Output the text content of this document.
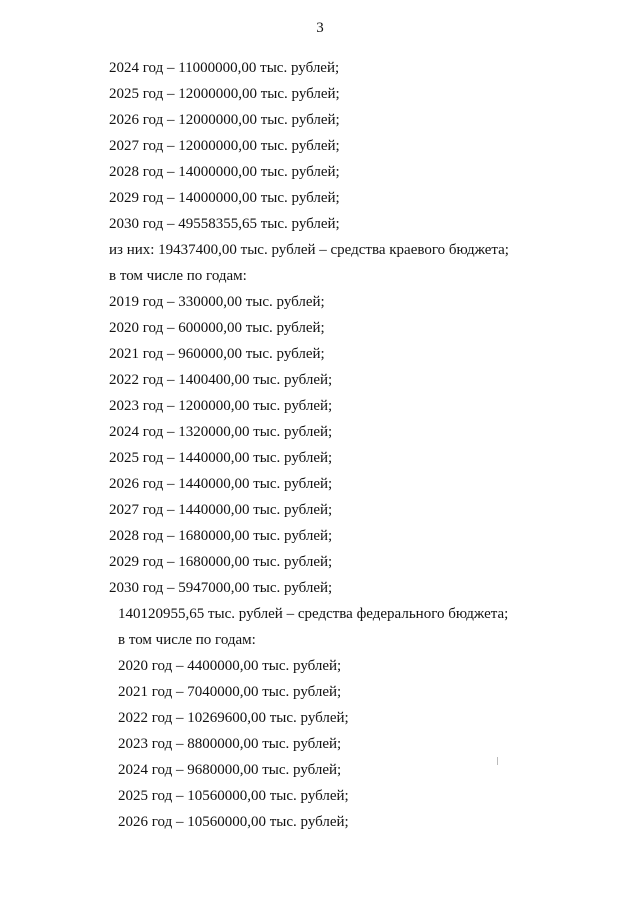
3
2024 год – 11000000,00 тыс. рублей;
2025 год – 12000000,00 тыс. рублей;
2026 год – 12000000,00 тыс. рублей;
2027 год – 12000000,00 тыс. рублей;
2028 год – 14000000,00 тыс. рублей;
2029 год – 14000000,00 тыс. рублей;
2030 год – 49558355,65 тыс. рублей;
из них: 19437400,00 тыс. рублей – средства краевого бюджета;
в том числе по годам:
2019 год – 330000,00 тыс. рублей;
2020 год – 600000,00 тыс. рублей;
2021 год – 960000,00 тыс. рублей;
2022 год – 1400400,00 тыс. рублей;
2023 год – 1200000,00 тыс. рублей;
2024 год – 1320000,00 тыс. рублей;
2025 год – 1440000,00 тыс. рублей;
2026 год – 1440000,00 тыс. рублей;
2027 год – 1440000,00 тыс. рублей;
2028 год – 1680000,00 тыс. рублей;
2029 год – 1680000,00 тыс. рублей;
2030 год – 5947000,00 тыс. рублей;
140120955,65 тыс. рублей – средства федерального бюджета;
в том числе по годам:
2020 год – 4400000,00 тыс. рублей;
2021 год – 7040000,00 тыс. рублей;
2022 год – 10269600,00 тыс. рублей;
2023 год – 8800000,00 тыс. рублей;
2024 год – 9680000,00 тыс. рублей;
2025 год – 10560000,00 тыс. рублей;
2026 год – 10560000,00 тыс. рублей;
